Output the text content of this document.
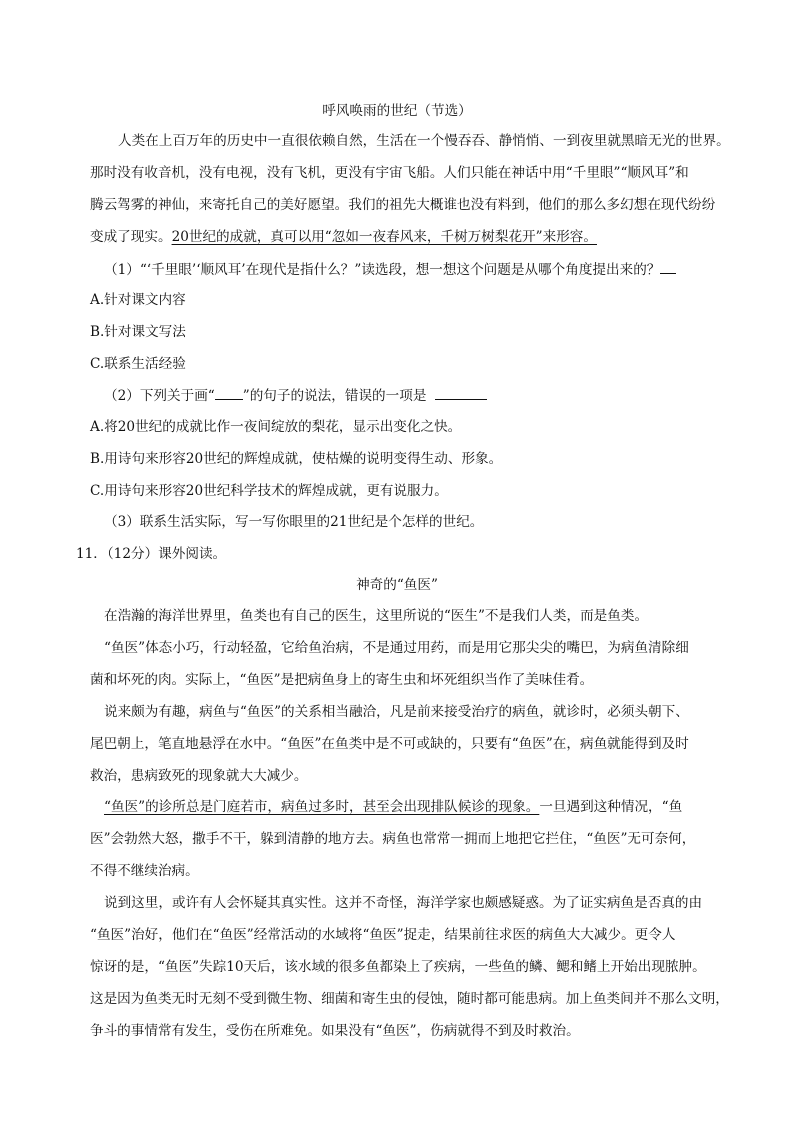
呼风唤雨的世纪（节选）
人类在上百万年的历史中一直很依赖自然，生活在一个慢吞吞、静悄悄、一到夜里就黑暗无光的世界。
那时没有收音机，没有电视，没有飞机，更没有宇宙飞船。人们只能在神话中用“千里眼”“顺风耳”和
腾云驾雾的神仙，来寄托自己的美好愿望。我们的祖先大概谁也没有料到，他们的那么多幻想在现代纷纷
变成了现实。20世纪的成就，真可以用“忽如一夜春风来，千树万树梨花开”来形容。
（1）“‘千里眼’‘顺风耳’在现代是指什么？”读选段，想一想这个问题是从哪个角度提出来的？
A.针对课文内容
B.针对课文写法
C.联系生活经验
（2）下列关于画“ ”的句子的说法，错误的一项是
A.将20世纪的成就比作一夜间绽放的梨花，显示出变化之快。
B.用诗句来形容20世纪的辉煌成就，使枯燥的说明变得生动、形象。
C.用诗句来形容20世纪科学技术的辉煌成就，更有说服力。
（3）联系生活实际，写一写你眼里的21世纪是个怎样的世纪。
11．（12分）课外阅读。
神奇的“鱼医”
在浩瀚的海洋世界里，鱼类也有自己的医生，这里所说的“医生”不是我们人类，而是鱼类。
“鱼医”体态小巧，行动轻盈，它给鱼治病，不是通过用药，而是用它那尖尖的嘴巴，为病鱼清除细
菌和坏死的肉。实际上，“鱼医”是把病鱼身上的寄生虫和坏死组织当作了美味佳肴。
说来颇为有趣，病鱼与“鱼医”的关系相当融洽，凡是前来接受治疗的病鱼，就诊时，必须头朝下、
尾巴朝上，笔直地悬浮在水中。“鱼医”在鱼类中是不可或缺的，只要有“鱼医”在，病鱼就能得到及时
救治，患病致死的现象就大大减少。
“鱼医”的诊所总是门庭若市，病鱼过多时，甚至会出现排队候诊的现象。一旦遇到这种情况，“鱼
医”会勃然大怒，撒手不干，躲到清静的地方去。病鱼也常常一拥而上地把它拦住，“鱼医”无可奈何，
不得不继续治病。
说到这里，或许有人会怀疑其真实性。这并不奇怪，海洋学家也颇感疑惑。为了证实病鱼是否真的由
“鱼医”治好，他们在“鱼医”经常活动的水域将“鱼医”捉走，结果前往求医的病鱼大大减少。更令人
惊讶的是，“鱼医”失踪10天后，该水域的很多鱼都染上了疾病，一些鱼的鳞、鳃和鳍上开始出现脓肿。
这是因为鱼类无时无刻不受到微生物、细菌和寄生虫的侵蚀，随时都可能患病。加上鱼类间并不那么文明，
争斗的事情常有发生，受伤在所难免。如果没有“鱼医”，伤病就得不到及时救治。
